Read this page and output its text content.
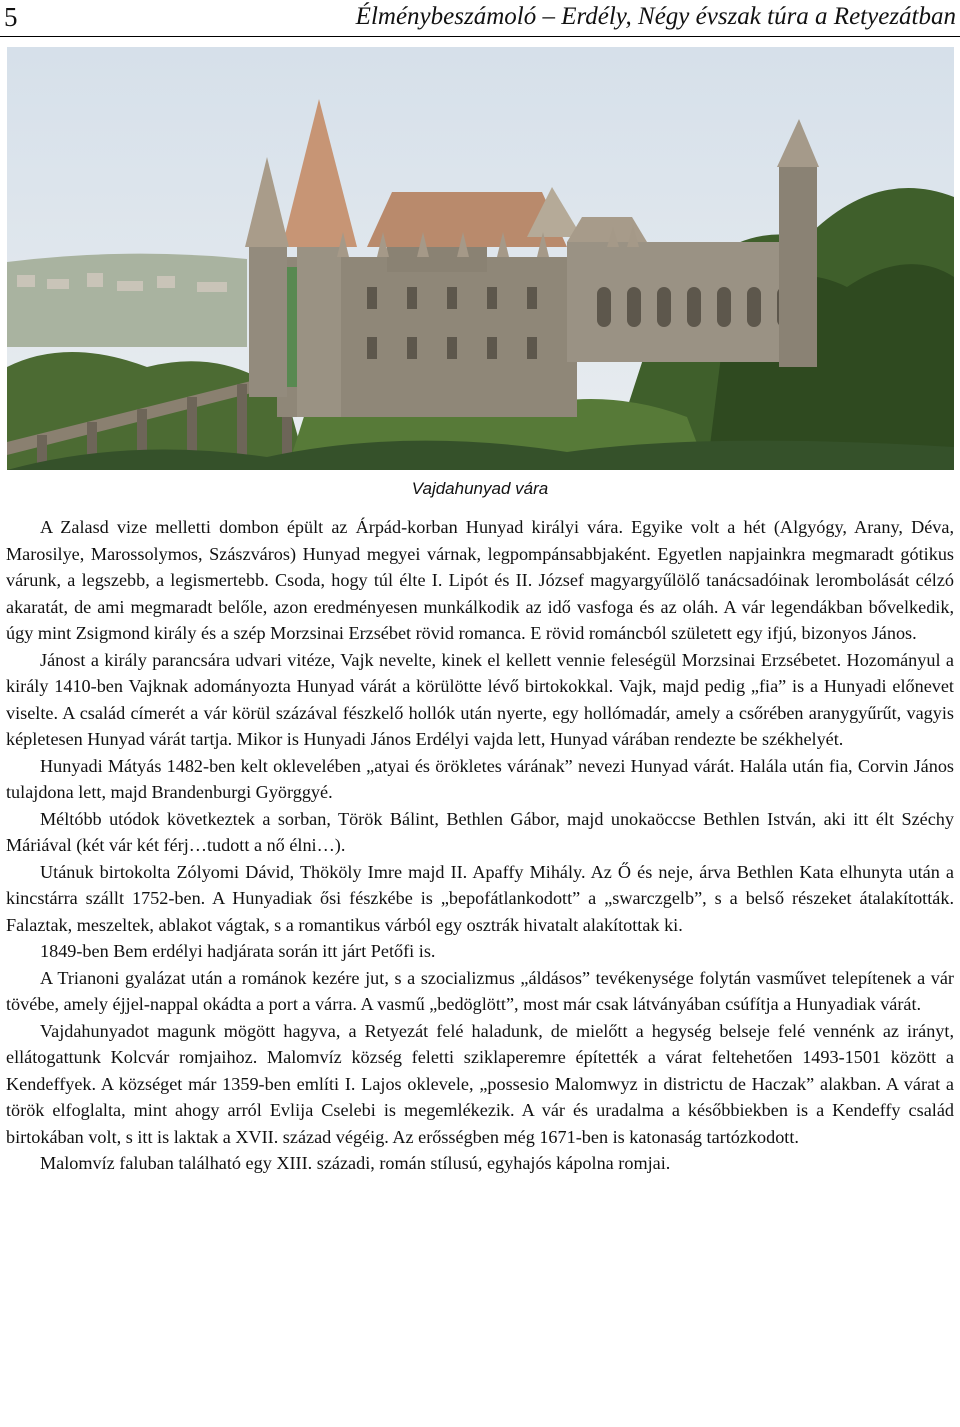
5	Élménybeszámoló – Erdély, Négy évszak túra a Retyezátban
Vajdahunyad vára

A Zalasd vize melletti dombon épült az Árpád-korban Hunyad királyi vára. Egyike volt a hét (Algyógy, Arany, Déva, Marosilye, Marossolymos, Szászváros) Hunyad megyei várnak, legpompánsabbjaként. Egyetlen napjainkra megmaradt gótikus várunk, a legszebb, a legismertebb. Csoda, hogy túl élte I. Lipót és II. József magyargyűlölő tanácsadóinak lerombolását célzó akaratát, de ami megmaradt belőle, azon eredményesen munkálkodik az idő vasfoga és az oláh. A vár legendákban bővelkedik, úgy mint Zsigmond király és a szép Morzsinai Erzsébet rövid romanca. E rövid románcból született egy ifjú, bizonyos János.

Jánost a király parancsára udvari vitéze, Vajk nevelte, kinek el kellett vennie feleségül Morzsinai Erzsébetet. Hozományul a király 1410-ben Vajknak adományozta Hunyad várát a körülötte lévő birtokokkal. Vajk, majd pedig „fia” is a Hunyadi előnevet viselte. A család címerét a vár körül százával fészkelő hollók után nyerte, egy hollómadár, amely a csőrében aranygyűrűt, vagyis képletesen Hunyad várát tartja. Mikor is Hunyadi János Erdélyi vajda lett, Hunyad várában rendezte be székhelyét.

Hunyadi Mátyás 1482-ben kelt oklevelében „atyai és örökletes várának” nevezi Hunyad várát. Halála után fia, Corvin János tulajdona lett, majd Brandenburgi Györggyé.

Méltóbb utódok következtek a sorban, Török Bálint, Bethlen Gábor, majd unokaöccse Bethlen István, aki itt élt Széchy Máriával (két vár két férj…tudott a nő élni…).

Utánuk birtokolta Zólyomi Dávid, Thököly Imre majd II. Apaffy Mihály. Az Ő és neje, árva Bethlen Kata elhunyta után a kincstárra szállt 1752-ben. A Hunyadiak ősi fészkébe is „bepofátlankodott” a „swarczgelb”, s a belső részeket átalakították. Falaztak, meszeltek, ablakot vágtak, s a romantikus várból egy osztrák hivatalt alakítottak ki.

1849-ben Bem erdélyi hadjárata során itt járt Petőfi is.

A Trianoni gyalázat után a románok kezére jut, s a szocializmus „áldásos” tevékenysége folytán vasművet telepítenek a vár tövébe, amely éjjel-nappal okádta a port a várra. A vasmű „bedöglött”, most már csak látványában csúfítja a Hunyadiak várát.

Vajdahunyadot magunk mögött hagyva, a Retyezát felé haladunk, de mielőtt a hegység belseje felé vennénk az irányt, ellátogattunk Kolcvár romjaihoz. Malomvíz község feletti sziklaperemre építették a várat feltehetően 1493-1501 között a Kendeffyek. A községet már 1359-ben említi I. Lajos oklevele, „possesio Malomwyz in districtu de Haczak” alakban. A várat a török elfoglalta, mint ahogy arról Evlija Cselebi is megemlékezik. A vár és uradalma a későbbiekben is a Kendeffy család birtokában volt, s itt is laktak a XVII. század végéig. Az erősségben még 1671-ben is katonaság tartózkodott.

Malomvíz faluban található egy XIII. századi, román stílusú, egyhajós kápolna romjai.
